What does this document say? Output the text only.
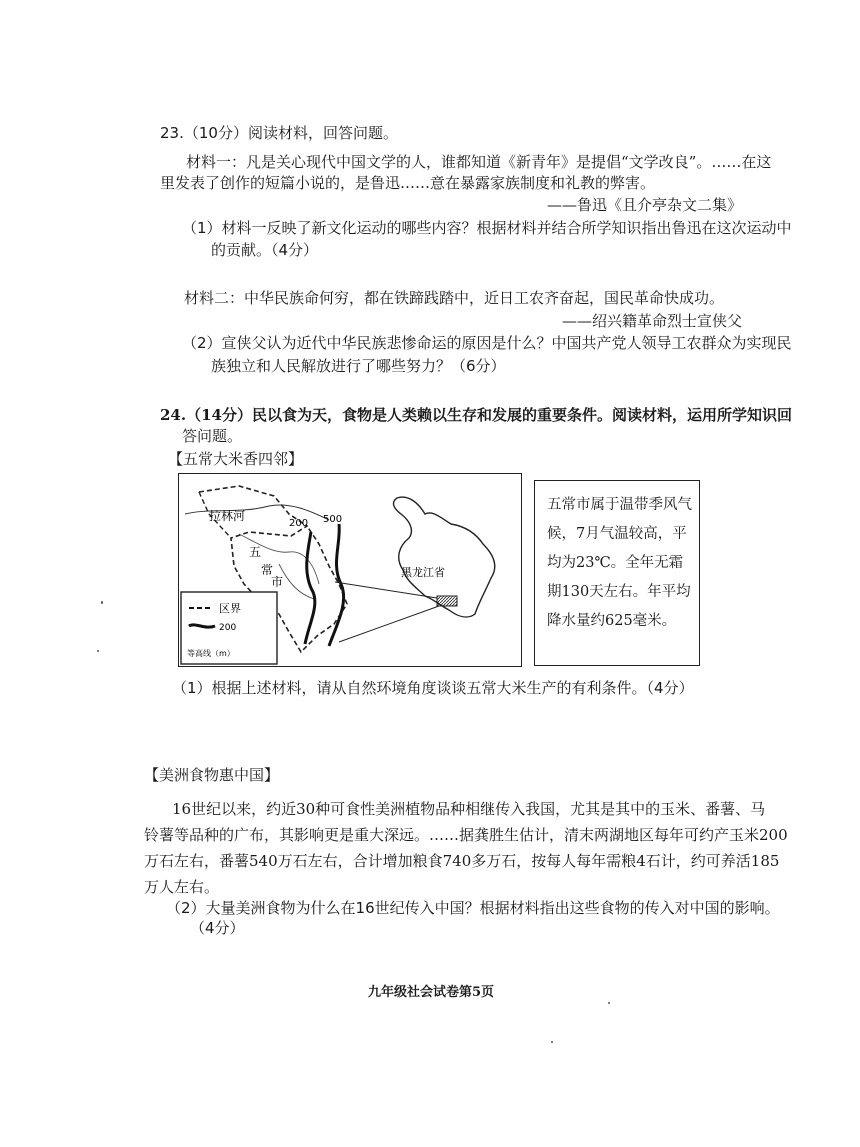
23.（10分）阅读材料，回答问题。
材料一：凡是关心现代中国文学的人，谁都知道《新青年》是提倡“文学改良”。……在这
里发表了创作的短篇小说的，是鲁迅……意在暴露家族制度和礼教的弊害。
——鲁迅《且介亭杂文二集》
（1）材料一反映了新文化运动的哪些内容？根据材料并结合所学知识指出鲁迅在这次运动中
的贡献。（4分）
材料二：中华民族命何穷，都在铁蹄践踏中，近日工农齐奋起，国民革命快成功。
——绍兴籍革命烈士宣侠父
（2）宣侠父认为近代中华民族悲惨命运的原因是什么？中国共产党人领导工农群众为实现民
族独立和人民解放进行了哪些努力？（6分）
24.（14分）民以食为天，食物是人类赖以生存和发展的重要条件。阅读材料，运用所学知识回
答问题。
【五常大米香四邻】
拉林河
200 500
五
常
市
区界
200
等高线（m）
黑龙江省
五常市属于温带季风气候，7月气温较高，平均为23℃。全年无霜期130天左右。年平均降水量约625毫米。
（1）根据上述材料，请从自然环境角度谈谈五常大米生产的有利条件。（4分）
【美洲食物惠中国】
16世纪以来，约近30种可食性美洲植物品种相继传入我国，尤其是其中的玉米、番薯、马
铃薯等品种的广布，其影响更是重大深远。……据龚胜生估计，清末两湖地区每年可约产玉米200
万石左右，番薯540万石左右，合计增加粮食740多万石，按每人每年需粮4石计，约可养活185
万人左右。
（2）大量美洲食物为什么在16世纪传入中国？根据材料指出这些食物的传入对中国的影响。
（4分）
九年级社会试卷第5页
